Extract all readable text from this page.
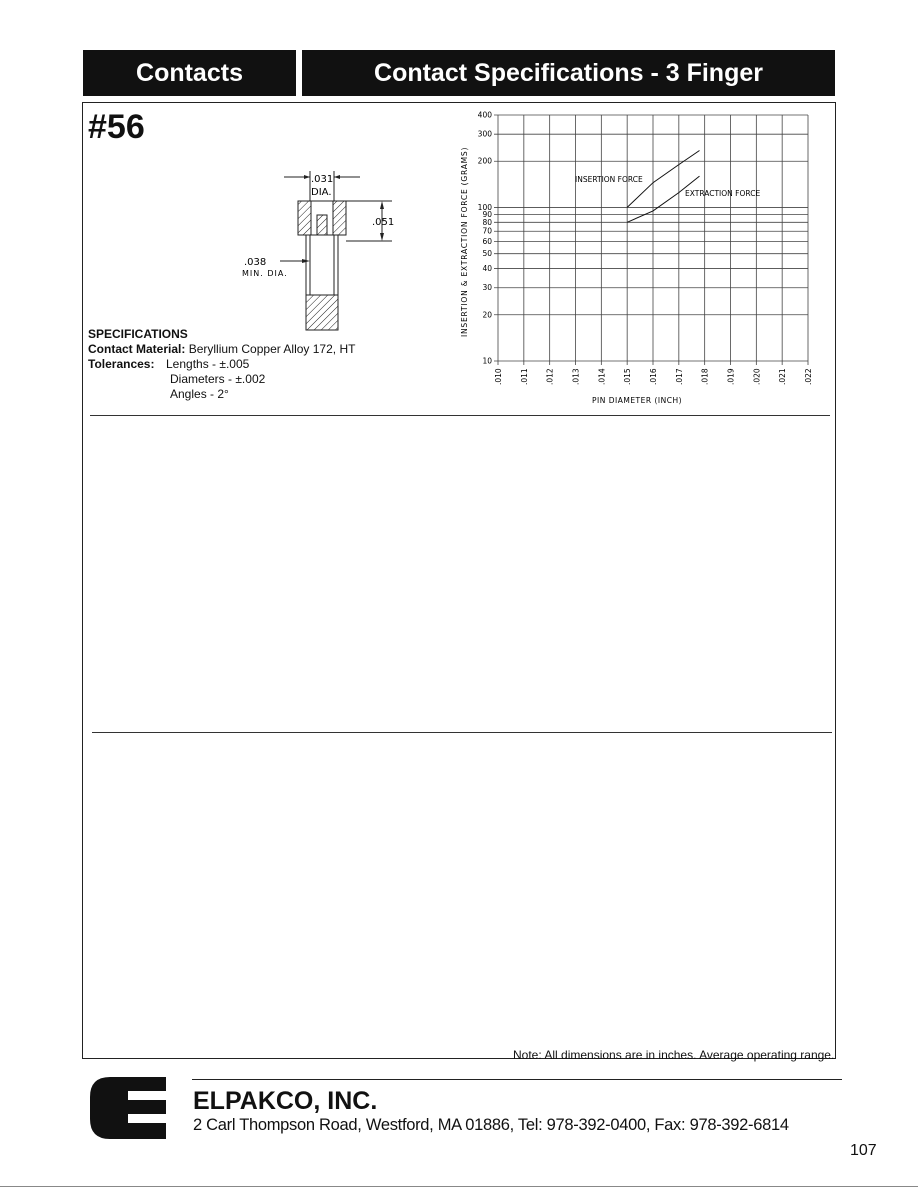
Contacts	Contact Specifications - 3 Finger
#56
.031
DIA.
.051
.038
MIN. DIA.
SPECIFICATIONS
Contact Material: Beryllium Copper Alloy 172, HT
Tolerances: Lengths - ±.005
Diameters - ±.002
Angles - 2°
400
300
200
100
90
80
70
60
50
40
30
20
10
.010 .011 .012 .013 .014 .015 .016 .017 .018 .019 .020 .021 .022
INSERTION & EXTRACTION FORCE (GRAMS)
PIN DIAMETER (INCH)
INSERTION FORCE
EXTRACTION FORCE
Note: All dimensions are in inches. Average operating range.
ELPAKCO, INC.
2 Carl Thompson Road, Westford, MA 01886, Tel: 978-392-0400, Fax: 978-392-6814
107
